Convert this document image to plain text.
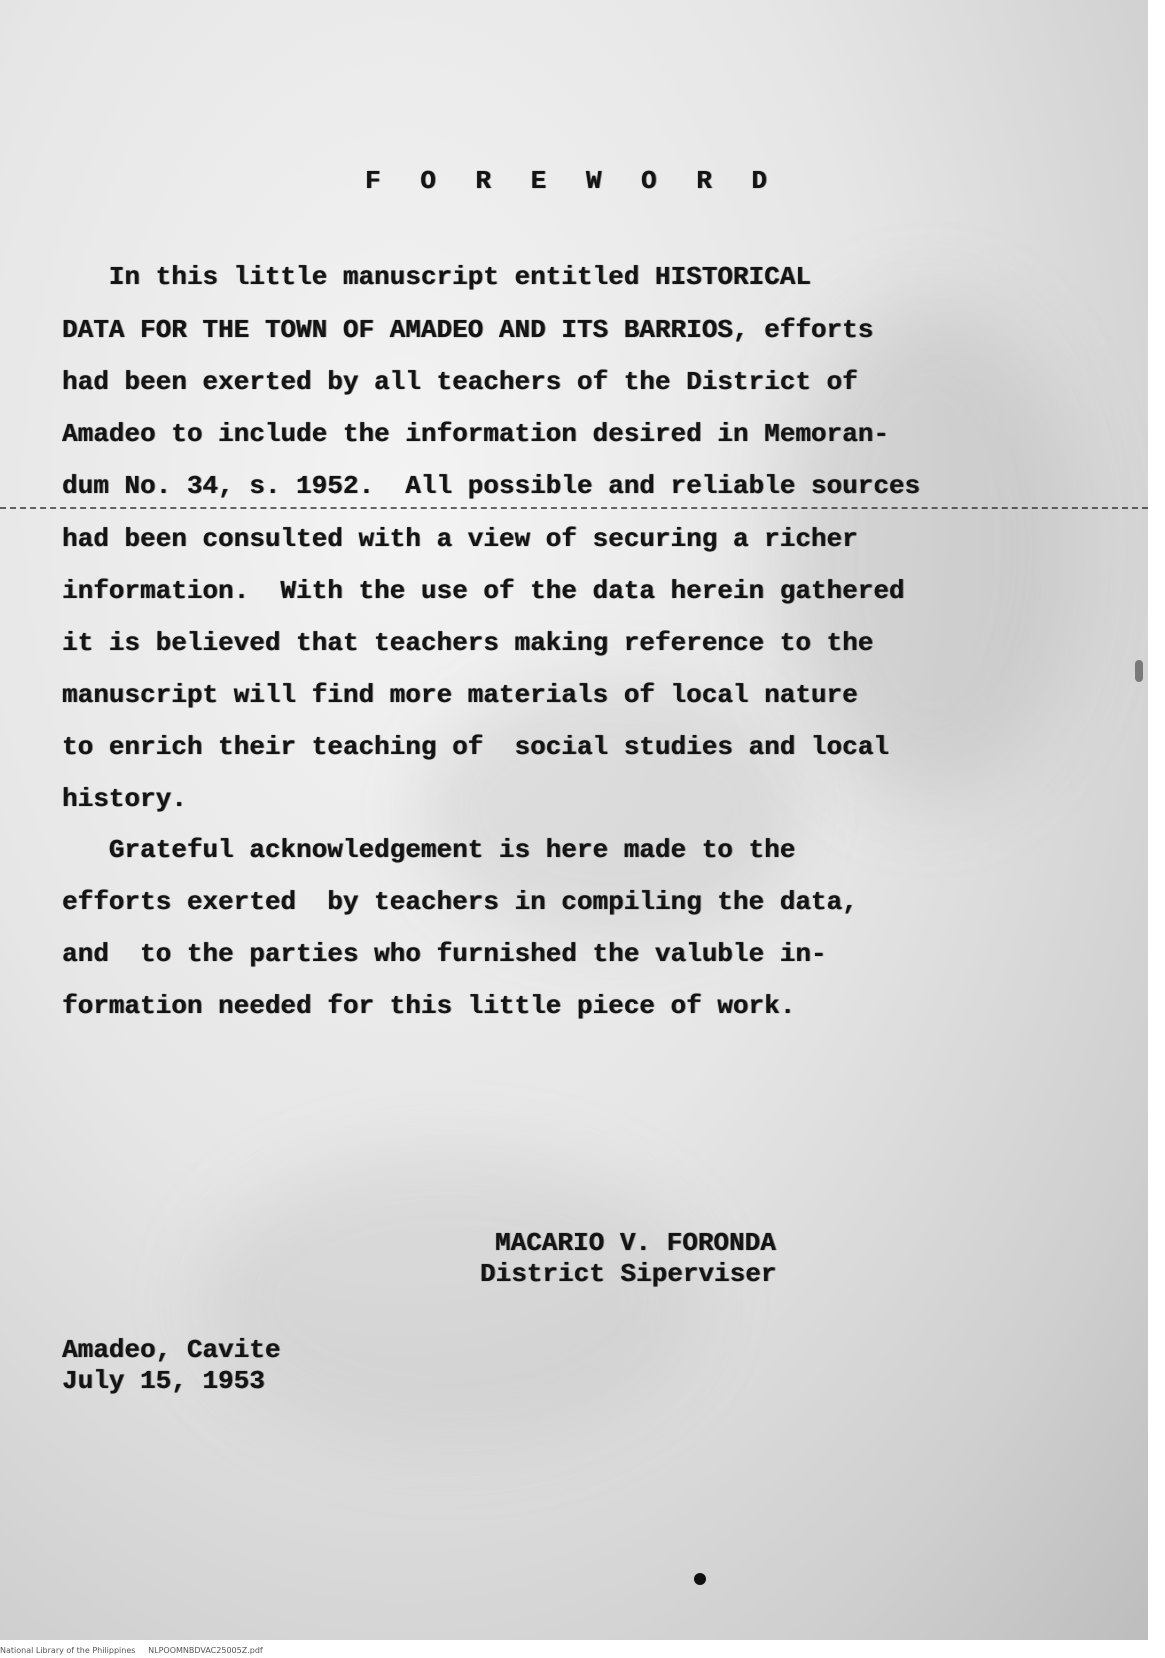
F O R E W O R D
In this little manuscript entitled HISTORICAL
DATA FOR THE TOWN OF AMADEO AND ITS BARRIOS, efforts
had been exerted by all teachers of the District of
Amadeo to include the information desired in Memoran-
dum No. 34, s. 1952.  All possible and reliable sources
had been consulted with a view of securing a richer
information.  With the use of the data herein gathered
it is believed that teachers making reference to the
manuscript will find more materials of local nature
to enrich their teaching of  social studies and local
history.
Grateful acknowledgement is here made to the
efforts exerted  by teachers in compiling the data,
and  to the parties who furnished the valuble in-
formation needed for this little piece of work.
MACARIO V. FORONDA
District Siperviser
Amadeo, Cavite
July 15, 1953
National Library of the Philippines     NLPOOMNBDVAC25005Z.pdf
